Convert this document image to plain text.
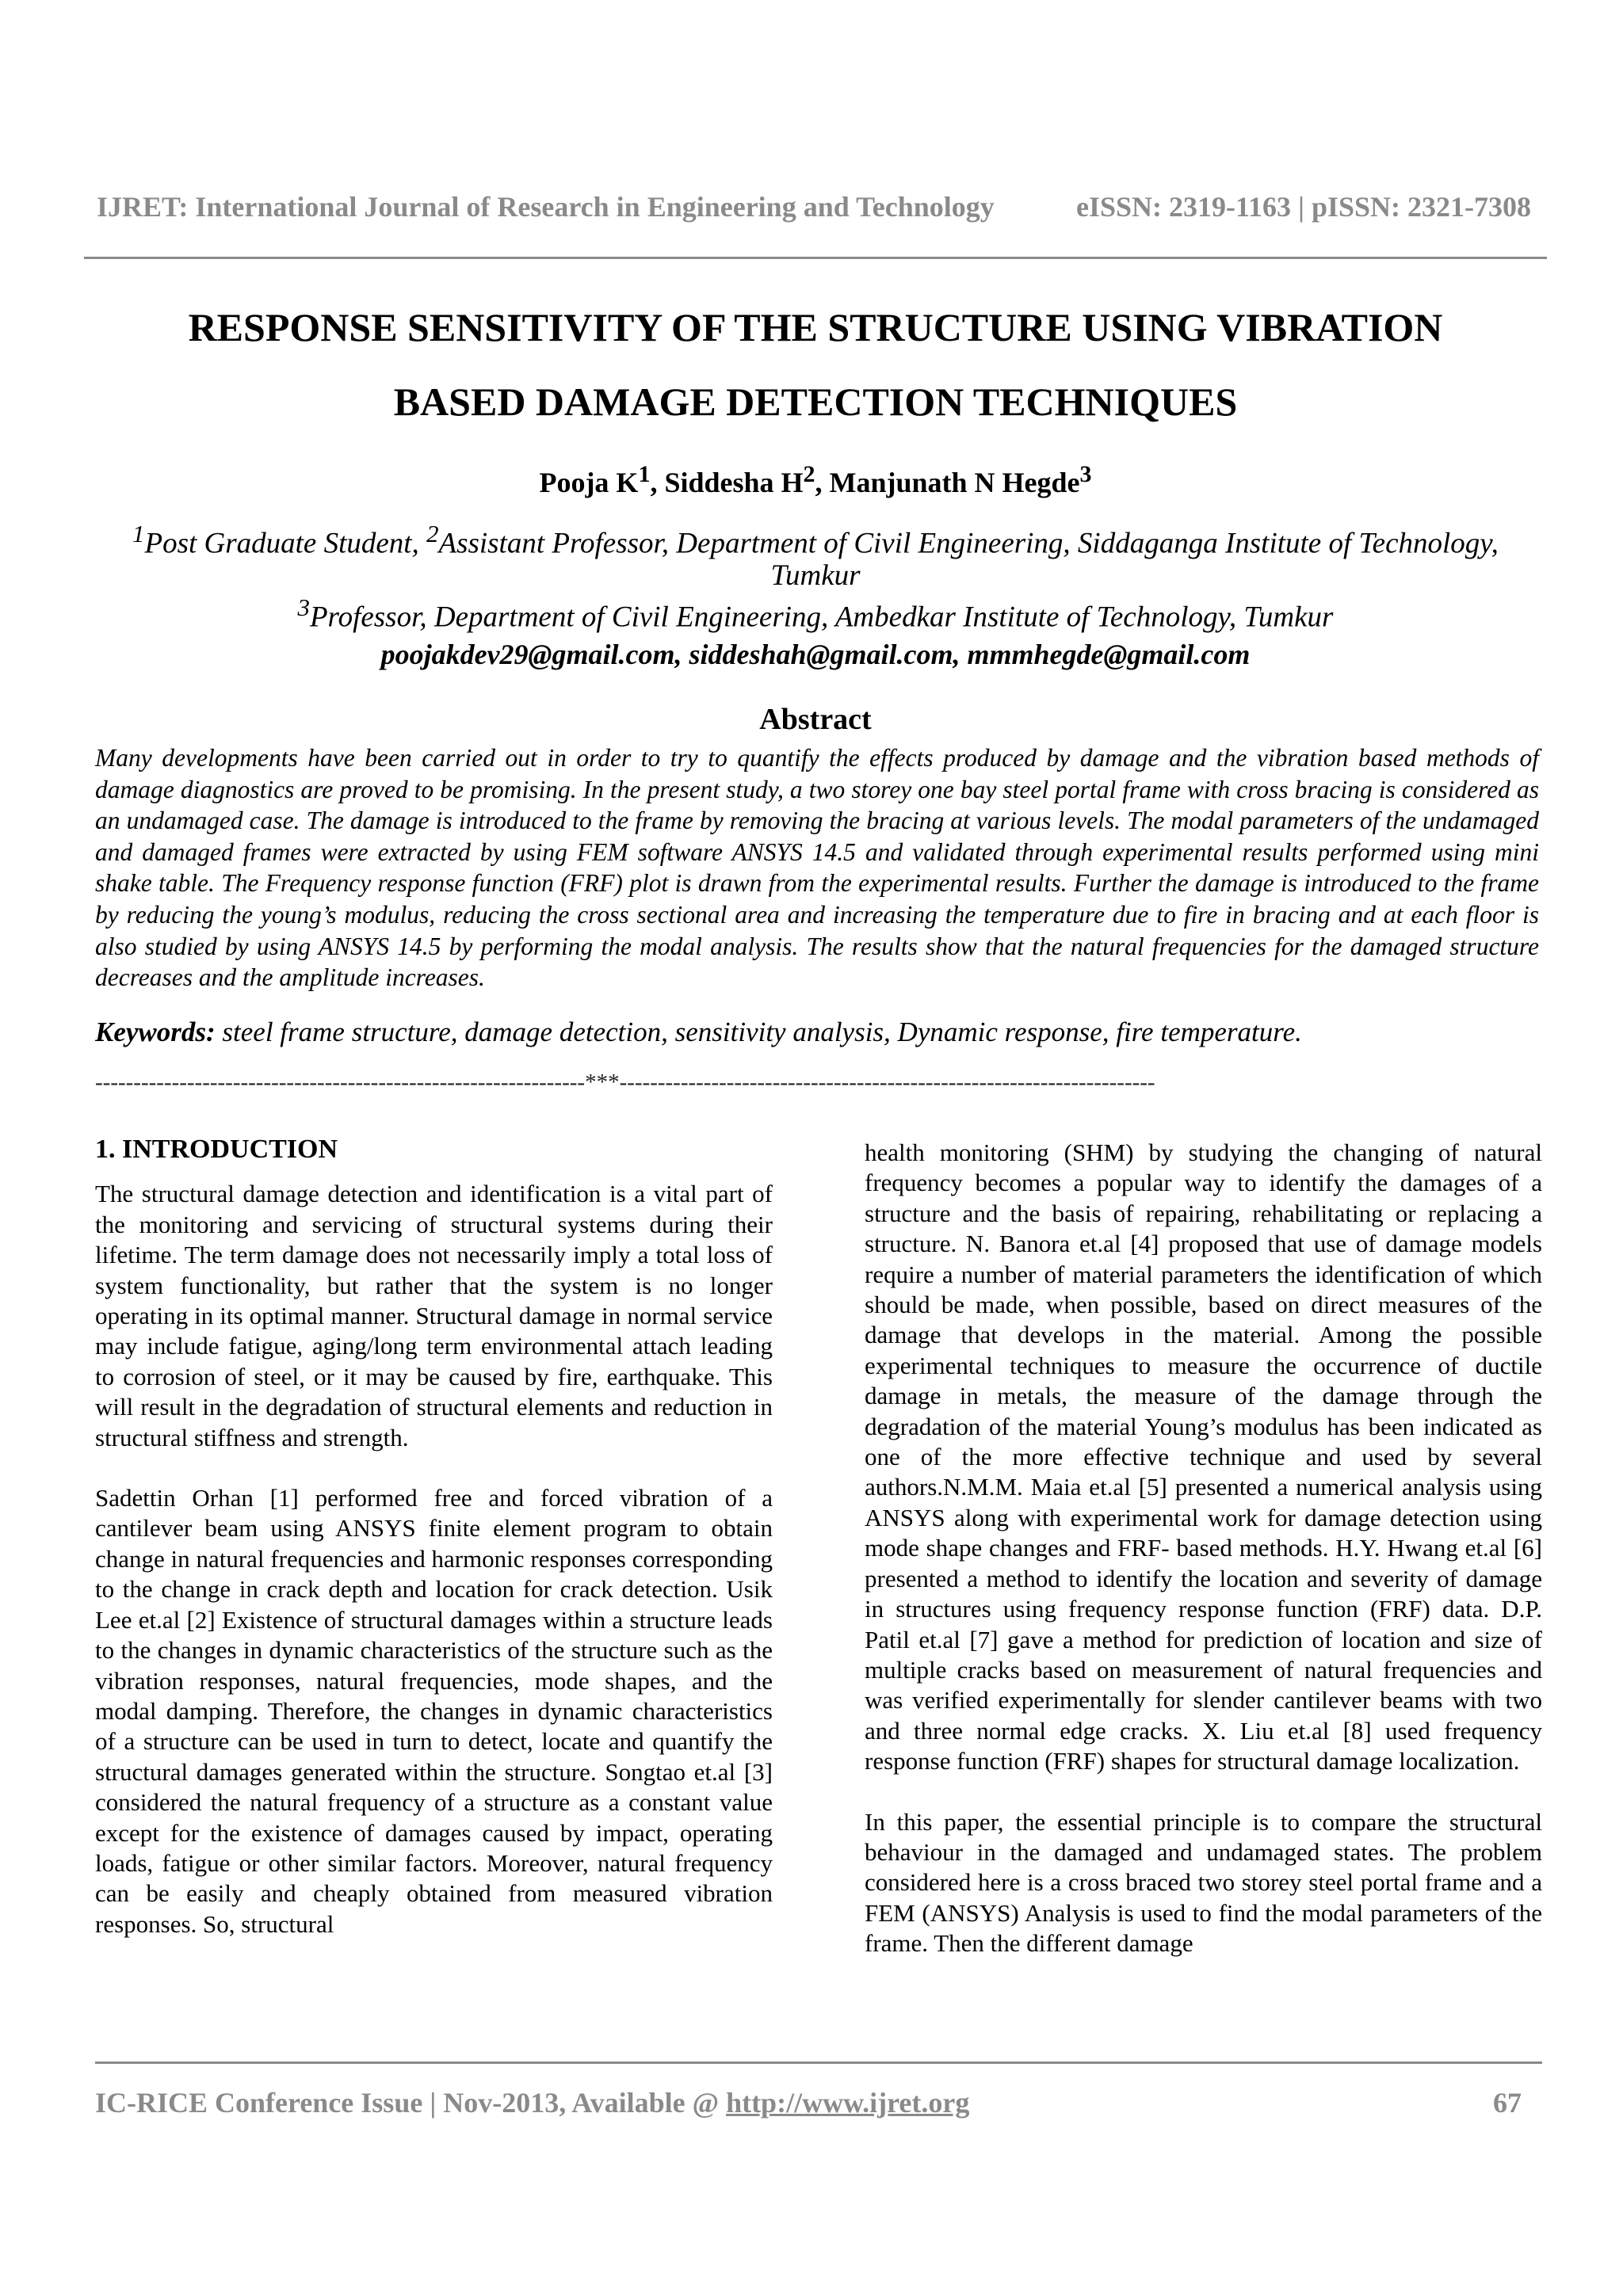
IJRET: International Journal of Research in Engineering and Technology	eISSN: 2319-1163 | pISSN: 2321-7308
RESPONSE SENSITIVITY OF THE STRUCTURE USING VIBRATION
BASED DAMAGE DETECTION TECHNIQUES
Pooja $K^1$, Siddesha $H^2$, Manjunath N Hegde$^3$
$^1$Post Graduate Student, $^2$Assistant Professor, Department of Civil Engineering, Siddaganga Institute of Technology, Tumkur
$^3$Professor, Department of Civil Engineering, Ambedkar Institute of Technology, Tumkur
poojakdev29@gmail.com, siddeshah@gmail.com, mmmhegde@gmail.com
Abstract
Many developments have been carried out in order to try to quantify the effects produced by damage and the vibration based methods of damage diagnostics are proved to be promising. In the present study, a two storey one bay steel portal frame with cross bracing is considered as an undamaged case. The damage is introduced to the frame by removing the bracing at various levels. The modal parameters of the undamaged and damaged frames were extracted by using FEM software ANSYS 14.5 and validated through experimental results performed using mini shake table. The Frequency response function (FRF) plot is drawn from the experimental results. Further the damage is introduced to the frame by reducing the young’s modulus, reducing the cross sectional area and increasing the temperature due to fire in bracing and at each floor is also studied by using ANSYS 14.5 by performing the modal analysis. The results show that the natural frequencies for the damaged structure decreases and the amplitude increases.
Keywords: steel frame structure, damage detection, sensitivity analysis, Dynamic response, fire temperature.
----------------------------------------------------------------***----------------------------------------------------------------------
1. INTRODUCTION

The structural damage detection and identification is a vital part of the monitoring and servicing of structural systems during their lifetime. The term damage does not necessarily imply a total loss of system functionality, but rather that the system is no longer operating in its optimal manner. Structural damage in normal service may include fatigue, aging/long term environmental attach leading to corrosion of steel, or it may be caused by fire, earthquake. This will result in the degradation of structural elements and reduction in structural stiffness and strength.

Sadettin Orhan [1] performed free and forced vibration of a cantilever beam using ANSYS finite element program to obtain change in natural frequencies and harmonic responses corresponding to the change in crack depth and location for crack detection. Usik Lee et.al [2] Existence of structural damages within a structure leads to the changes in dynamic characteristics of the structure such as the vibration responses, natural frequencies, mode shapes, and the modal damping. Therefore, the changes in dynamic characteristics of a structure can be used in turn to detect, locate and quantify the structural damages generated within the structure. Songtao et.al [3] considered the natural frequency of a structure as a constant value except for the existence of damages caused by impact, operating loads, fatigue or other similar factors. Moreover, natural frequency can be easily and cheaply obtained from measured vibration responses. So, structural

health monitoring (SHM) by studying the changing of natural frequency becomes a popular way to identify the damages of a structure and the basis of repairing, rehabilitating or replacing a structure. N. Banora et.al [4] proposed that use of damage models require a number of material parameters the identification of which should be made, when possible, based on direct measures of the damage that develops in the material. Among the possible experimental techniques to measure the occurrence of ductile damage in metals, the measure of the damage through the degradation of the material Young’s modulus has been indicated as one of the more effective technique and used by several authors.N.M.M. Maia et.al [5] presented a numerical analysis using ANSYS along with experimental work for damage detection using mode shape changes and FRF- based methods. H.Y. Hwang et.al [6] presented a method to identify the location and severity of damage in structures using frequency response function (FRF) data. D.P. Patil et.al [7] gave a method for prediction of location and size of multiple cracks based on measurement of natural frequencies and was verified experimentally for slender cantilever beams with two and three normal edge cracks. X. Liu et.al [8] used frequency response function (FRF) shapes for structural damage localization.

In this paper, the essential principle is to compare the structural behaviour in the damaged and undamaged states. The problem considered here is a cross braced two storey steel portal frame and a FEM (ANSYS) Analysis is used to find the modal parameters of the frame. Then the different damage

IC-RICE Conference Issue | Nov-2013, Available @ http://www.ijret.org	67
